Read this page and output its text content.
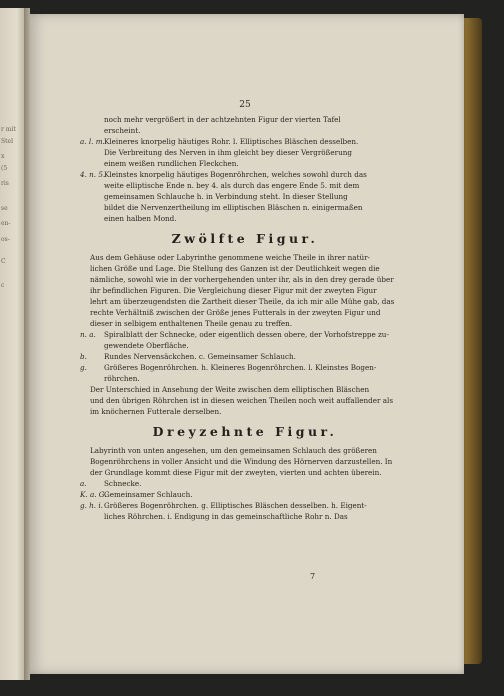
r mit
Stel
x
(5
ris
se
en-
os-
C
c
25
noch mehr vergrößert in der achtzehnten Figur der vierten Tafel
erscheint.
a. l. m. Kleineres knorpelig häutiges Rohr. l. Elliptisches Bläschen desselben.
Die Verbreitung des Nerven in ihm gleicht bey dieser Vergrößerung
einem weißen rundlichen Fleckchen.
4. n. 5.
Kleinstes knorpelig häutiges Bogenröhrchen, welches sowohl durch das
weite elliptische Ende n. bey 4. als durch das engere Ende 5. mit dem
gemeinsamen Schlauche h. in Verbindung steht. In dieser Stellung
bildet die Nervenzertheilung im elliptischen Bläschen n. einigermaßen
einen halben Mond.
Zwölfte Figur.
Aus dem Gehäuse oder Labyrinthe genommene weiche Theile in ihrer natür-
lichen Größe und Lage. Die Stellung des Ganzen ist der Deutlichkeit wegen die
nämliche, sowohl wie in der vorhergehenden unter ihr, als in den drey gerade über
ihr befindlichen Figuren. Die Vergleichung dieser Figur mit der zweyten Figur
lehrt am überzeugendsten die Zartheit dieser Theile, da ich mir alle Mühe gab, das
rechte Verhältniß zwischen der Größe jenes Futterals in der zweyten Figur und
dieser in selbigem enthaltenen Theile genau zu treffen.
n. a. Spiralblatt der Schnecke, oder eigentlich dessen obere, der Vorhofstreppe zu-
gewendete Oberfläche.
b. Rundes Nervensäckchen. c. Gemeinsamer Schlauch.
g. Größeres Bogenröhrchen. h. Kleineres Bogenröhrchen. l. Kleinstes Bogen-
röhrchen.
Der Unterschied in Ansehung der Weite zwischen dem elliptischen Bläschen
und den übrigen Röhrchen ist in diesen weichen Theilen noch weit auffallender als
im knöchernen Futterale derselben.
Dreyzehnte Figur.
Labyrinth von unten angesehen, um den gemeinsamen Schlauch des größeren
Bogenröhrchens in voller Ansicht und die Windung des Hörnerven darzustellen. In
der Grundlage kommt diese Figur mit der zweyten, vierten und achten überein.
a. Schnecke.
K. a. G.
Gemeinsamer Schlauch.
g. h. i. Größeres Bogenröhrchen. g. Elliptisches Bläschen desselben. h. Eigent-
liches Röhrchen. i. Endigung in das gemeinschaftliche Rohr n. Das
7
